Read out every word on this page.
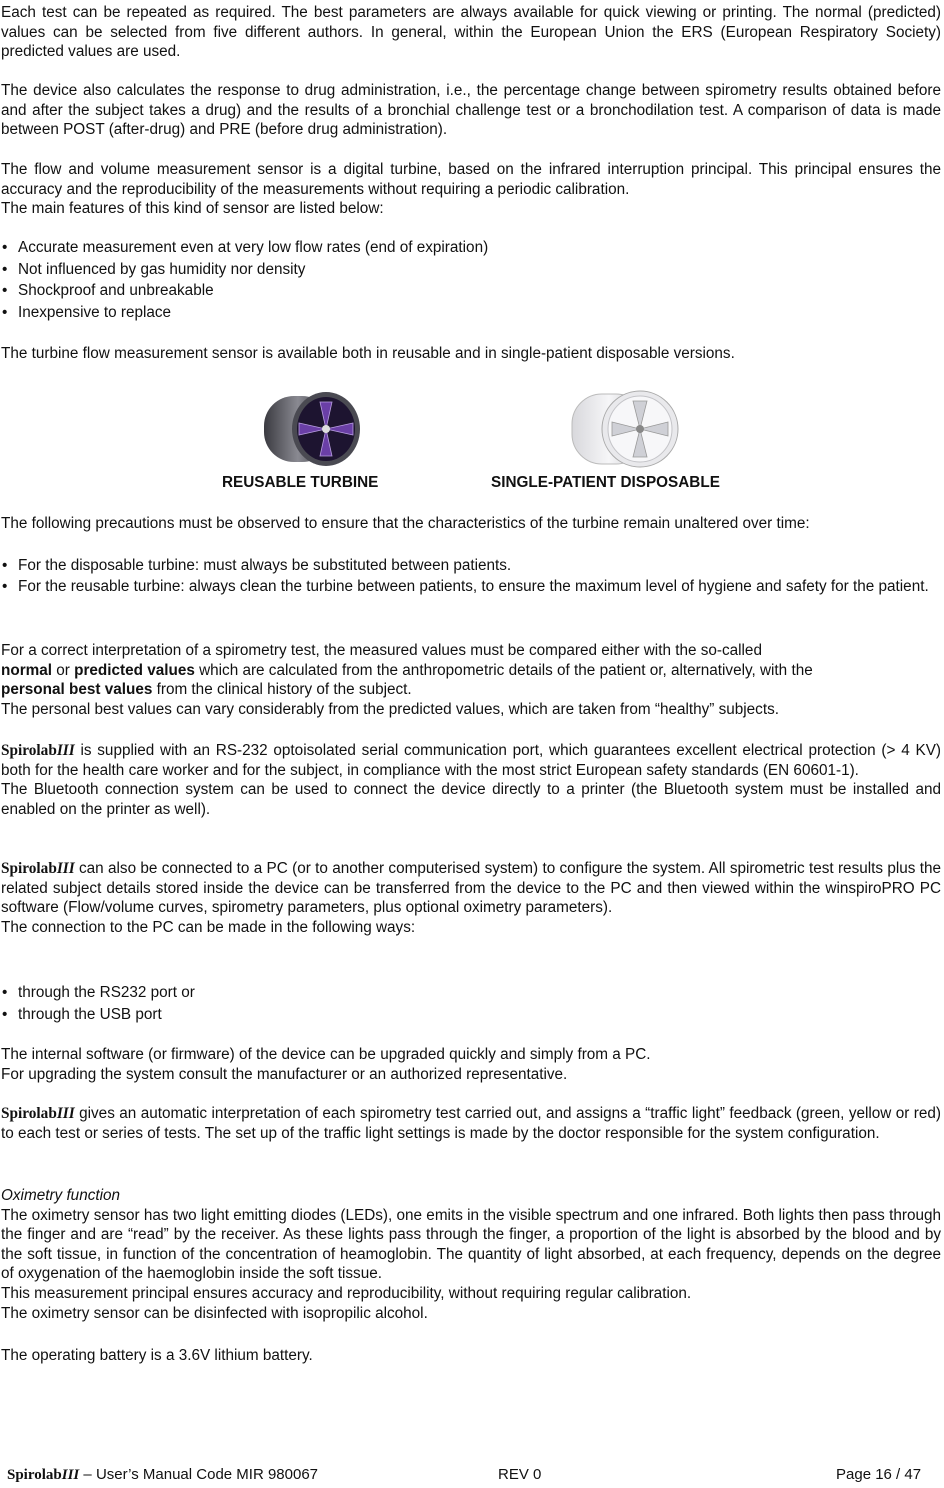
Each test can be repeated as required. The best parameters are always available for quick viewing or printing. The normal (predicted) values can be selected from five different authors. In general, within the European Union the ERS (European Respiratory Society) predicted values are used.

The device also calculates the response to drug administration, i.e., the percentage change between spirometry results obtained before and after the subject takes a drug) and the results of a bronchial challenge test or a bronchodilation test. A comparison of data is made between POST (after-drug) and PRE (before drug administration).

The flow and volume measurement sensor is a digital turbine, based on the infrared interruption principal. This principal ensures the accuracy and the reproducibility of the measurements without requiring a periodic calibration.
The main features of this kind of sensor are listed below:
• Accurate measurement even at very low flow rates (end of expiration)
• Not influenced by gas humidity nor density
• Shockproof and unbreakable
• Inexpensive to replace

The turbine flow measurement sensor is available both in reusable and in single-patient disposable versions.

REUSABLE TURBINE	SINGLE-PATIENT DISPOSABLE

The following precautions must be observed to ensure that the characteristics of the turbine remain unaltered over time:

• For the disposable turbine: must always be substituted between patients.
• For the reusable turbine: always clean the turbine between patients, to ensure the maximum level of hygiene and safety for the patient.
For a correct interpretation of a spirometry test, the measured values must be compared either with the so-called
normal or predicted values which are calculated from the anthropometric details of the patient or, alternatively, with the
personal best values from the clinical history of the subject.
The personal best values can vary considerably from the predicted values, which are taken from “healthy” subjects.
SpirolabIII is supplied with an RS-232 optoisolated serial communication port, which guarantees excellent electrical protection (> 4 KV) both for the health care worker and for the subject, in compliance with the most strict European safety standards (EN 60601-1).
The Bluetooth connection system can be used to connect the device directly to a printer (the Bluetooth system must be installed and enabled on the printer as well).
SpirolabIII can also be connected to a PC (or to another computerised system) to configure the system. All spirometric test results plus the related subject details stored inside the device can be transferred from the device to the PC and then viewed within the winspiroPRO PC software (Flow/volume curves, spirometry parameters, plus optional oximetry parameters).
The connection to the PC can be made in the following ways:
• through the RS232 port or
• through the USB port
The internal software (or firmware) of the device can be upgraded quickly and simply from a PC.
For upgrading the system consult the manufacturer or an authorized representative.
SpirolabIII gives an automatic interpretation of each spirometry test carried out, and assigns a “traffic light” feedback (green, yellow or red) to each test or series of tests. The set up of the traffic light settings is made by the doctor responsible for the system configuration.
Oximetry function
The oximetry sensor has two light emitting diodes (LEDs), one emits in the visible spectrum and one infrared. Both lights then pass through the finger and are “read” by the receiver. As these lights pass through the finger, a proportion of the light is absorbed by the blood and by the soft tissue, in function of the concentration of heamoglobin. The quantity of light absorbed, at each frequency, depends on the degree of oxygenation of the haemoglobin inside the soft tissue.
This measurement principal ensures accuracy and reproducibility, without requiring regular calibration.
The oximetry sensor can be disinfected with isopropilic alcohol.

The operating battery is a 3.6V lithium battery.

SpirolabIII – User’s Manual Code MIR 980067	REV 0	Page 16 / 47
